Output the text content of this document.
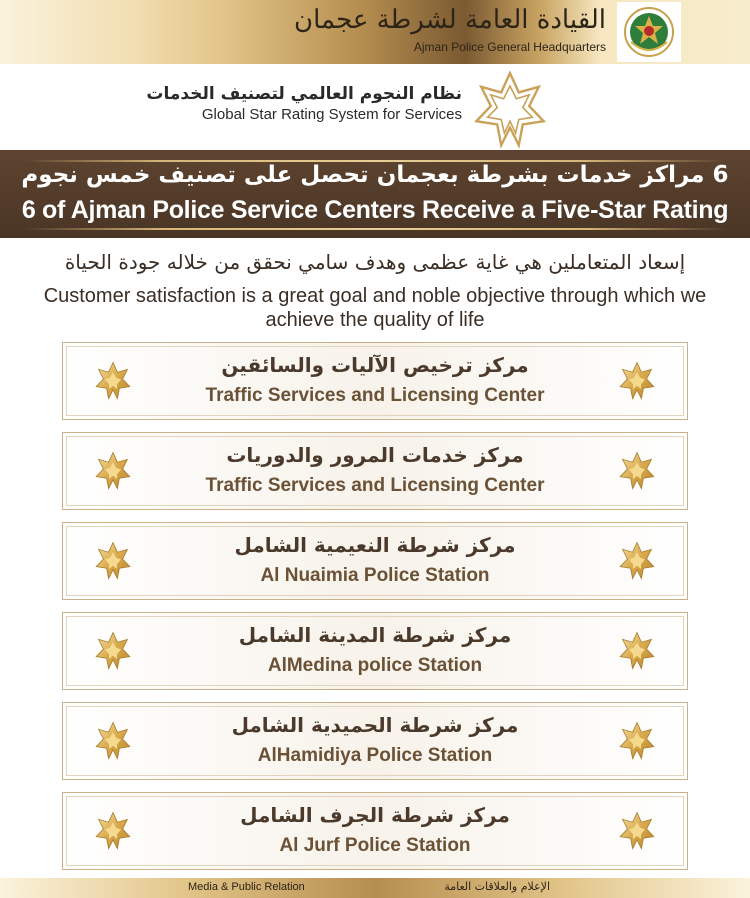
القيادة العامة لشرطة عجمان
Ajman Police General Headquarters
نظام النجوم العالمي لتصنيف الخدمات
Global Star Rating System for Services
6 مراكز خدمات بشرطة بعجمان تحصل على تصنيف خمس نجوم
6 of Ajman Police Service Centers Receive a Five-Star Rating
إسعاد المتعاملين هي غاية عظمى وهدف سامي نحقق من خلاله جودة الحياة
Customer satisfaction is a great goal and noble objective through which we achieve the quality of life
مركز ترخيص الآليات والسائقين
Traffic Services and Licensing Center
مركز خدمات المرور والدوريات
Traffic Services and Licensing Center
مركز شرطة النعيمية الشامل
Al Nuaimia Police Station
مركز شرطة المدينة الشامل
AlMedina police Station
مركز شرطة الحميدية الشامل
AlHamidiya Police Station
مركز شرطة الجرف الشامل
Al Jurf Police Station
Media & Public Relation	الإعلام والعلاقات العامة
